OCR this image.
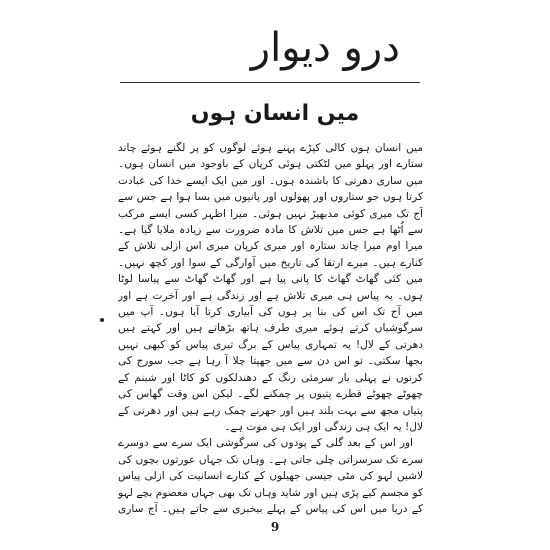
درو دیوار
میں انسان ہوں

میں انسان ہوں کالی کپڑے پہنے ہوئے لوگوں کو پر لگنے ہوئے چاند ستارے اور پہلو میں لٹکتی ہوئی کرپان کے باوجود میں انسان ہوں۔ میں ساری دھرتی کا باشندہ ہوں۔ اور میں ایک ایسے خدا کی عبادت کرتا ہوں جو ستاروں اور پھولوں اور پانیوں میں بسا ہوا ہے جس سے آج تک میری کوئی مدبھیڑ نہیں ہوئی۔ میرا اظہر کسی ایسے مرکب سے اُٹھا ہے جس میں تلاش کا مادہ ضرورت سے زیادہ ملایا گیا ہے۔ میرا اوم میرا چاند ستارہ اور میری کرپان میری اس ازلی تلاش کے کنارے ہیں۔ میرے ارتقا کی تاریخ میں آوارگی کے سوا اور کچھ نہیں۔ میں کئی گھاٹ گھاٹ کا پانی پیا ہے اور گھاٹ گھاٹ سے پیاسا لوٹا ہوں۔ یہ پیاس ہی میری تلاش ہے اور زندگی ہے اور آخرت ہے اور میں آج تک اس کی بنا پر ہوں کی آبیاری کرتا آیا ہوں۔ آپ میں سرگوشیاں کرتے ہوئے میری طرف ہاتھ بڑھاتے ہیں اور کہتے ہیں دھرتی کے لال! یہ تمہاری پیاس کے برگ تیری پیاس کو کبھی نہیں بجھا سکتی۔ تو اس دن سے میں جھپتا چلا آ رہا ہے جب سورج کی کرنوں نے پہلی بار سرمئی رنگ کے دھندلکوں کو کاٹا اور شبنم کے چھوٹے چھوٹے قطرے پتیوں پر چمکنے لگے۔ لیکن اس وقت گھاس کی پتیاں مجھ سے بہت بلند ہیں اور جھرنے چمک رہے ہیں اور دھرتی کے لال! یہ ایک ہی زندگی اور ایک ہی موت ہے۔

اور اس کے بعد گلی کے پودوں کی سرگوشی ایک سرے سے دوسرے سرے تک سرسراتی چلی جاتی ہے۔ وہاں تک جہاں عورتوں بچوں کی لاشیں لہو کی مٹی جیسی جھیلوں کے کنارے انسانیت کی ازلی پیاس کو مجسم کیے پڑی ہیں اور شاید وہاں تک بھی جہاں معصوم بچے لہو کے دریا میں اس کی پیاس کے پہلے بیخبری سے جاتے ہیں۔ آج ساری

9
